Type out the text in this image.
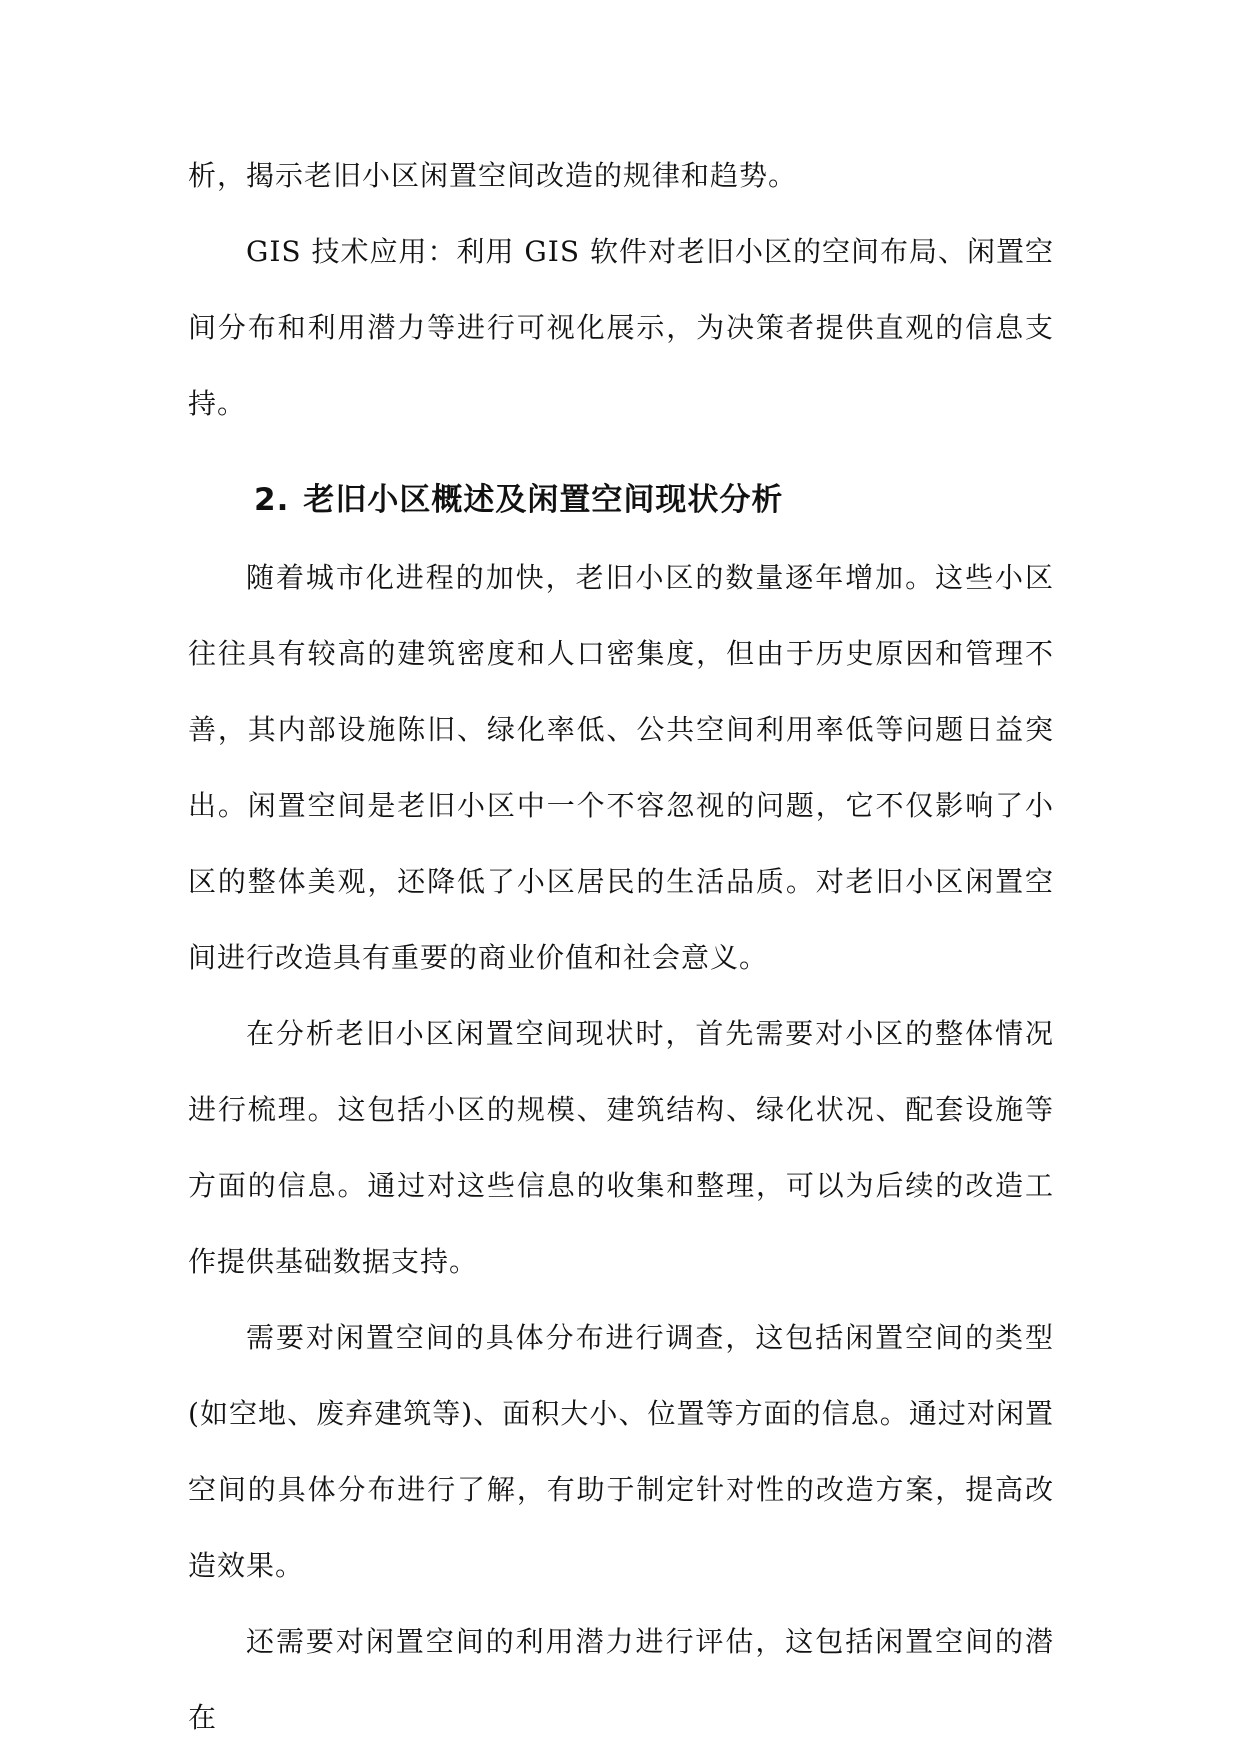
析，揭示老旧小区闲置空间改造的规律和趋势。

GIS 技术应用：利用 GIS 软件对老旧小区的空间布局、闲置空间分布和利用潜力等进行可视化展示，为决策者提供直观的信息支持。

2. 老旧小区概述及闲置空间现状分析

随着城市化进程的加快，老旧小区的数量逐年增加。这些小区往往具有较高的建筑密度和人口密集度，但由于历史原因和管理不善，其内部设施陈旧、绿化率低、公共空间利用率低等问题日益突出。闲置空间是老旧小区中一个不容忽视的问题，它不仅影响了小区的整体美观，还降低了小区居民的生活品质。对老旧小区闲置空间进行改造具有重要的商业价值和社会意义。

在分析老旧小区闲置空间现状时，首先需要对小区的整体情况进行梳理。这包括小区的规模、建筑结构、绿化状况、配套设施等方面的信息。通过对这些信息的收集和整理，可以为后续的改造工作提供基础数据支持。

需要对闲置空间的具体分布进行调查，这包括闲置空间的类型(如空地、废弃建筑等)、面积大小、位置等方面的信息。通过对闲置空间的具体分布进行了解，有助于制定针对性的改造方案，提高改造效果。

还需要对闲置空间的利用潜力进行评估，这包括闲置空间的潜在
